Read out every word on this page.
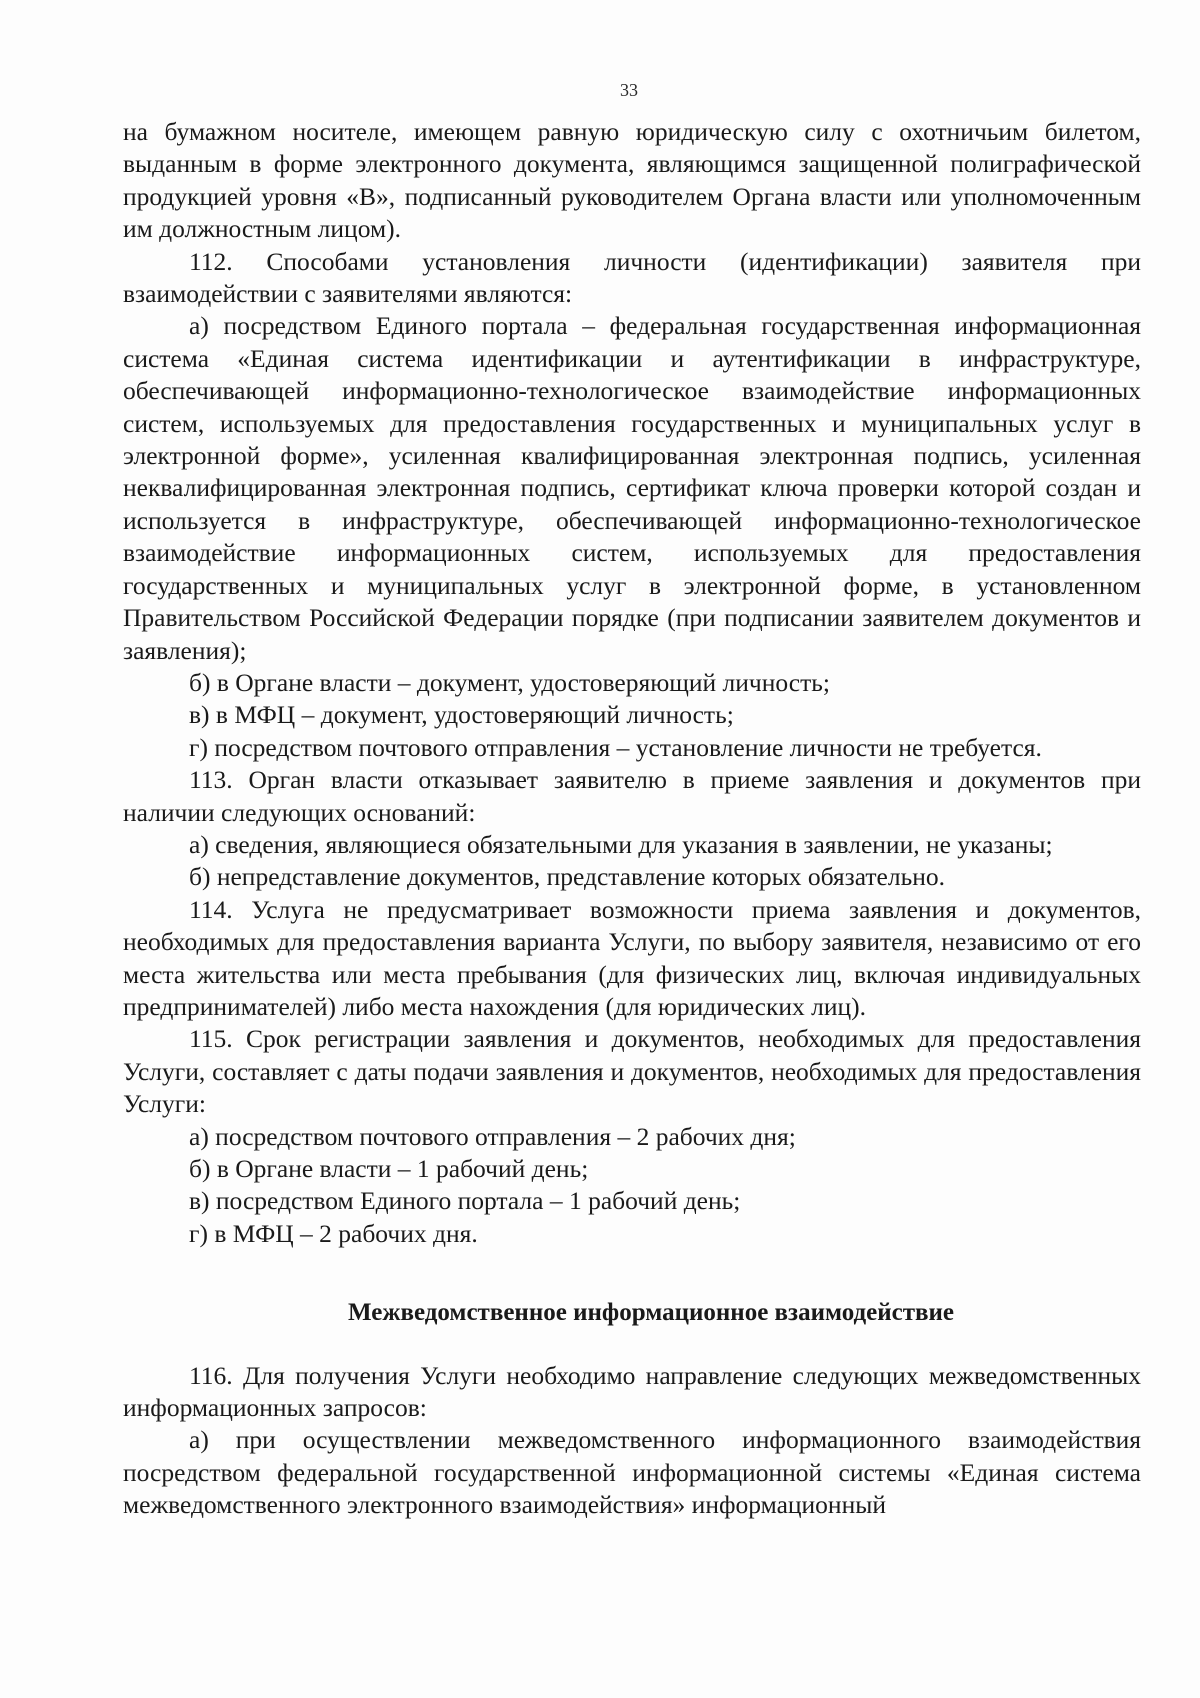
33

на бумажном носителе, имеющем равную юридическую силу с охотничьим билетом, выданным в форме электронного документа, являющимся защищенной полиграфической продукцией уровня «В», подписанный руководителем Органа власти или уполномоченным им должностным лицом).

112. Способами установления личности (идентификации) заявителя при взаимодействии с заявителями являются:

а) посредством Единого портала – федеральная государственная информационная система «Единая система идентификации и аутентификации в инфраструктуре, обеспечивающей информационно-технологическое взаимодействие информационных систем, используемых для предоставления государственных и муниципальных услуг в электронной форме», усиленная квалифицированная электронная подпись, усиленная неквалифицированная электронная подпись, сертификат ключа проверки которой создан и используется в инфраструктуре, обеспечивающей информационно-технологическое взаимодействие информационных систем, используемых для предоставления государственных и муниципальных услуг в электронной форме, в установленном Правительством Российской Федерации порядке (при подписании заявителем документов и заявления);

б) в Органе власти – документ, удостоверяющий личность;

в) в МФЦ – документ, удостоверяющий личность;

г) посредством почтового отправления – установление личности не требуется.

113. Орган власти отказывает заявителю в приеме заявления и документов при наличии следующих оснований:

а) сведения, являющиеся обязательными для указания в заявлении, не указаны;

б) непредставление документов, представление которых обязательно.

114. Услуга не предусматривает возможности приема заявления и документов, необходимых для предоставления варианта Услуги, по выбору заявителя, независимо от его места жительства или места пребывания (для физических лиц, включая индивидуальных предпринимателей) либо места нахождения (для юридических лиц).

115. Срок регистрации заявления и документов, необходимых для предоставления Услуги, составляет с даты подачи заявления и документов, необходимых для предоставления Услуги:

а) посредством почтового отправления – 2 рабочих дня;

б) в Органе власти – 1 рабочий день;

в) посредством Единого портала – 1 рабочий день;

г) в МФЦ – 2 рабочих дня.

Межведомственное информационное взаимодействие

116. Для получения Услуги необходимо направление следующих межведомственных информационных запросов:

а) при осуществлении межведомственного информационного взаимодействия посредством федеральной государственной информационной системы «Единая система межведомственного электронного взаимодействия» информационный
